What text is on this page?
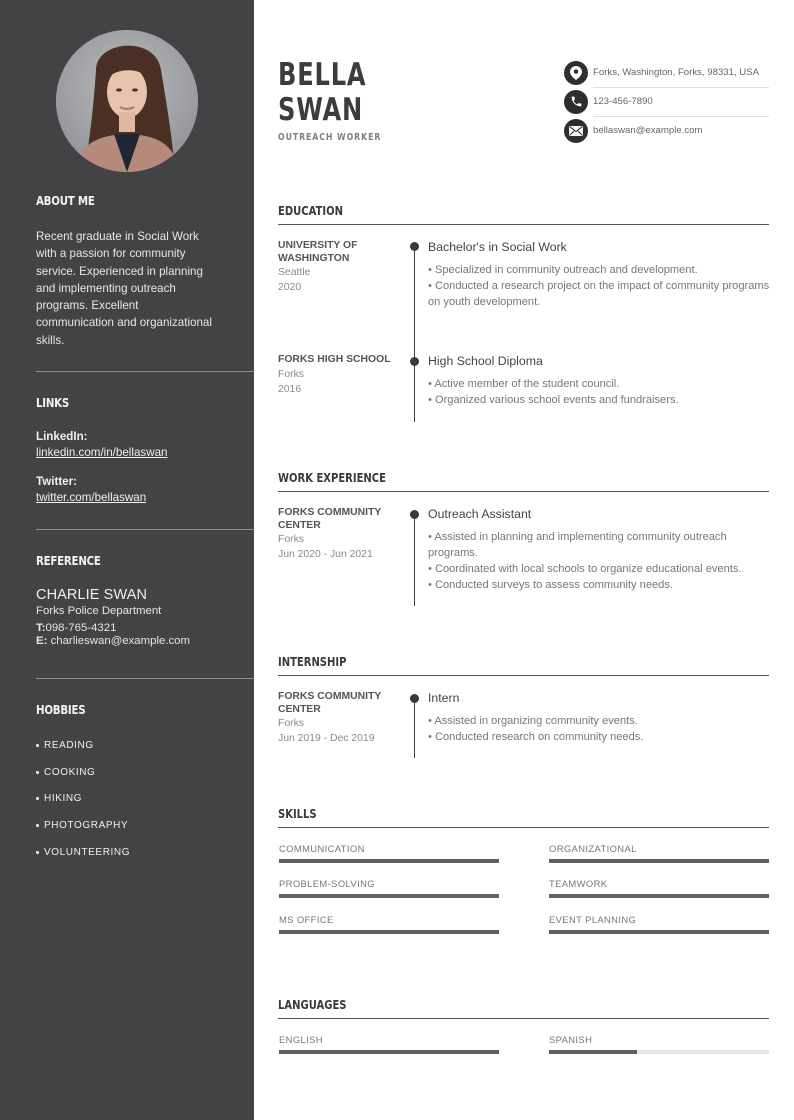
ABOUT ME
Recent graduate in Social Work with a passion for community service. Experienced in planning and implementing outreach programs. Excellent communication and organizational skills.
LINKS
LinkedIn:
linkedin.com/in/bellaswan
Twitter:
twitter.com/bellaswan
REFERENCE
CHARLIE SWAN
Forks Police Department
T:098-765-4321
E: charlieswan@example.com
HOBBIES
READING
COOKING
HIKING
PHOTOGRAPHY
VOLUNTEERING
BELLA
SWAN
OUTREACH WORKER
Forks, Washington, Forks, 98331, USA
123-456-7890
bellaswan@example.com
EDUCATION
UNIVERSITY OF WASHINGTON
Seattle
2020
Bachelor's in Social Work
• Specialized in community outreach and development.
• Conducted a research project on the impact of community programs on youth development.
FORKS HIGH SCHOOL
Forks
2016
High School Diploma
• Active member of the student council.
• Organized various school events and fundraisers.
WORK EXPERIENCE
FORKS COMMUNITY CENTER
Forks
Jun 2020 - Jun 2021
Outreach Assistant
• Assisted in planning and implementing community outreach programs.
• Coordinated with local schools to organize educational events.
• Conducted surveys to assess community needs.
INTERNSHIP
FORKS COMMUNITY CENTER
Forks
Jun 2019 - Dec 2019
Intern
• Assisted in organizing community events.
• Conducted research on community needs.
SKILLS
COMMUNICATION	ORGANIZATIONAL
PROBLEM-SOLVING	TEAMWORK
MS OFFICE	EVENT PLANNING
LANGUAGES
ENGLISH	SPANISH
